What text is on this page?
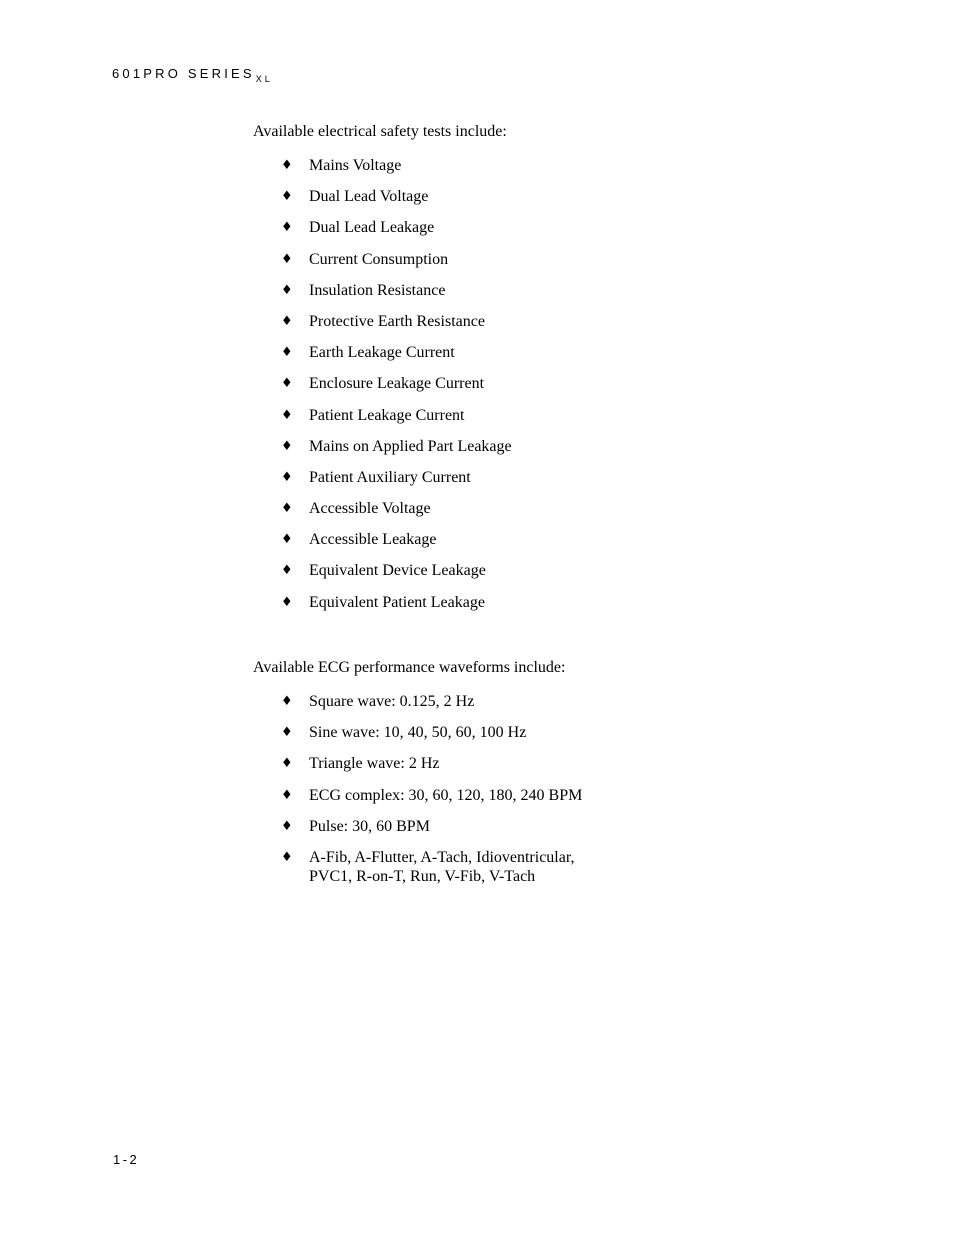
601PRO $SERIES_{XL}$

Available electrical safety tests include:

♦ Mains Voltage
♦ Dual Lead Voltage
♦ Dual Lead Leakage
♦ Current Consumption
♦ Insulation Resistance
♦ Protective Earth Resistance
♦ Earth Leakage Current
♦ Enclosure Leakage Current
♦ Patient Leakage Current
♦ Mains on Applied Part Leakage
♦ Patient Auxiliary Current
♦ Accessible Voltage
♦ Accessible Leakage
♦ Equivalent Device Leakage
♦ Equivalent Patient Leakage

Available ECG performance waveforms include:

♦ Square wave: 0.125, 2 Hz
♦ Sine wave: 10, 40, 50, 60, 100 Hz
♦ Triangle wave: 2 Hz
♦ ECG complex: 30, 60, 120, 180, 240 BPM
♦ Pulse: 30, 60 BPM
♦ A-Fib, A-Flutter, A-Tach, Idioventricular,
PVC1, R-on-T, Run, V-Fib, V-Tach
1-2
